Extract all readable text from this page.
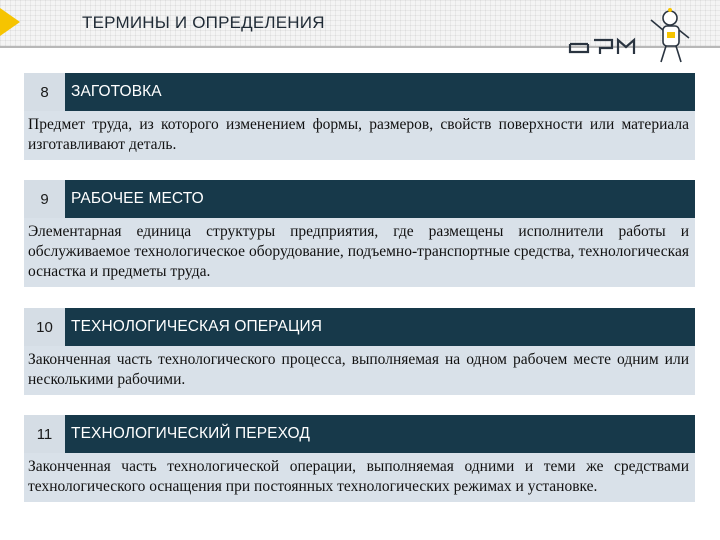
ТЕРМИНЫ И ОПРЕДЕЛЕНИЯ
8	ЗАГОТОВКА
Предмет труда, из которого изменением формы, размеров, свойств поверхности или материала изготавливают деталь.
9	РАБОЧЕЕ МЕСТО
Элементарная единица структуры предприятия, где размещены исполнители работы и обслуживаемое технологическое оборудование, подъемно-транспортные средства, технологическая оснастка и предметы труда.
10	ТЕХНОЛОГИЧЕСКАЯ ОПЕРАЦИЯ
Законченная часть технологического процесса, выполняемая на одном рабочем месте одним или несколькими рабочими.
11	ТЕХНОЛОГИЧЕСКИЙ ПЕРЕХОД
Законченная часть технологической операции, выполняемая одними и теми же средствами технологического оснащения при постоянных технологических режимах и установке.
